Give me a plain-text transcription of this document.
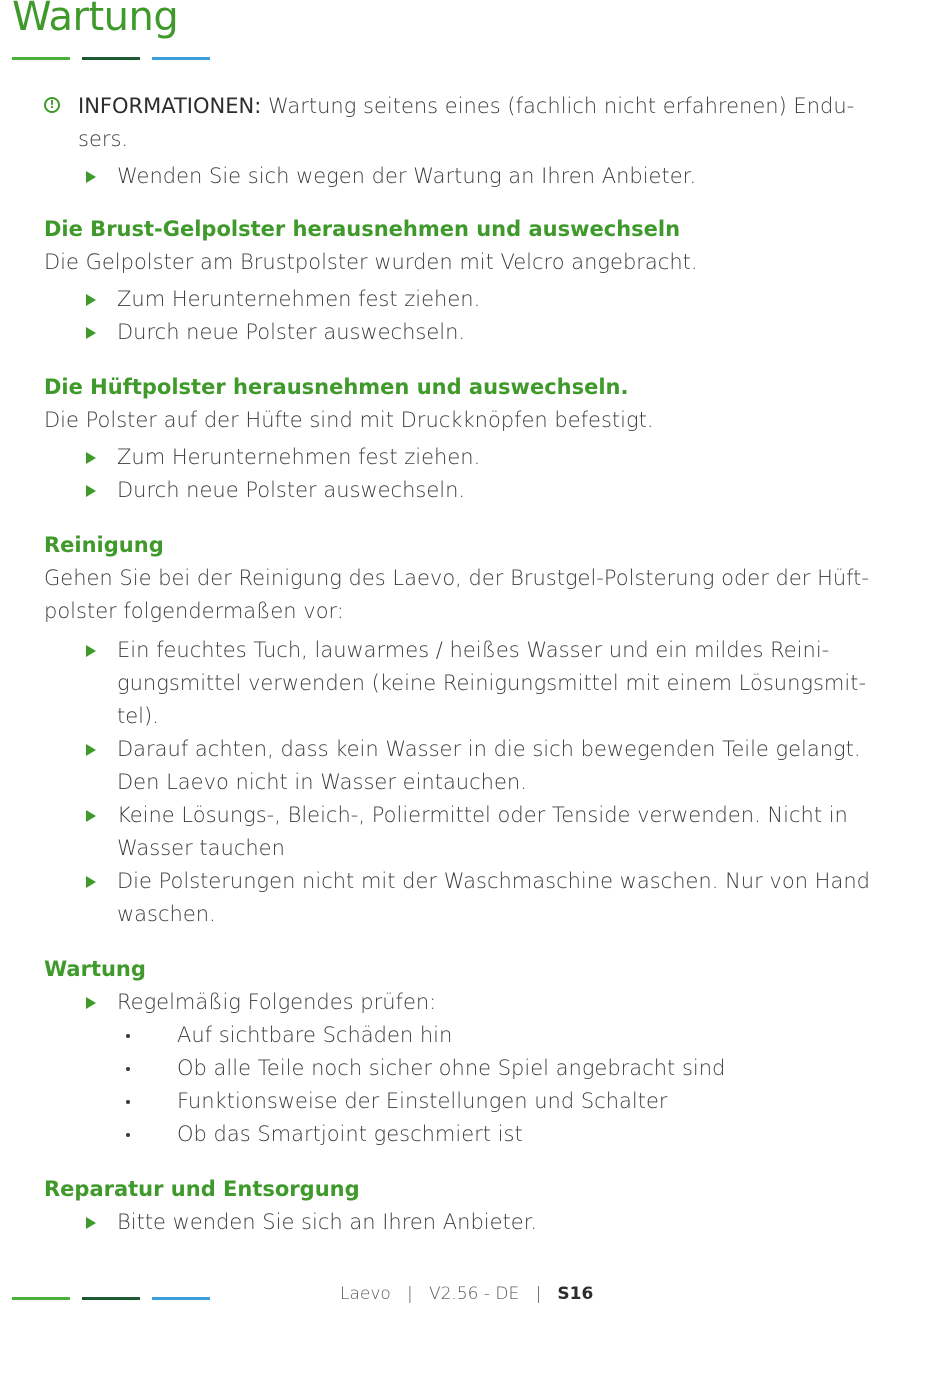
Wartung
! INFORMATIONEN: Wartung seitens eines (fachlich nicht erfahrenen) Endu-sers.
Wenden Sie sich wegen der Wartung an Ihren Anbieter.
Die Brust-Gelpolster herausnehmen und auswechseln

Die Gelpolster am Brustpolster wurden mit Velcro angebracht.

Zum Herunternehmen fest ziehen.
Durch neue Polster auswechseln.
Die Hüftpolster herausnehmen und auswechseln.

Die Polster auf der Hüfte sind mit Druckknöpfen befestigt.

Zum Herunternehmen fest ziehen.
Durch neue Polster auswechseln.
Reinigung

Gehen Sie bei der Reinigung des Laevo, der Brustgel-Polsterung oder der Hüft-polster folgendermaßen vor:

Ein feuchtes Tuch, lauwarmes / heißes Wasser und ein mildes Reini-gungsmittel verwenden (keine Reinigungsmittel mit einem Lösungsmit-tel).
Darauf achten, dass kein Wasser in die sich bewegenden Teile gelangt. Den Laevo nicht in Wasser eintauchen.
Keine Lösungs-, Bleich-, Poliermittel oder Tenside verwenden. Nicht in Wasser tauchen
Die Polsterungen nicht mit der Waschmaschine waschen. Nur von Hand waschen.
Wartung
Regelmäßig Folgendes prüfen:
Auf sichtbare Schäden hin
Ob alle Teile noch sicher ohne Spiel angebracht sind
Funktionsweise der Einstellungen und Schalter
Ob das Smartjoint geschmiert ist
Reparatur und Entsorgung
Bitte wenden Sie sich an Ihren Anbieter.
Laevo   |   V2.56 - DE   |   S16
